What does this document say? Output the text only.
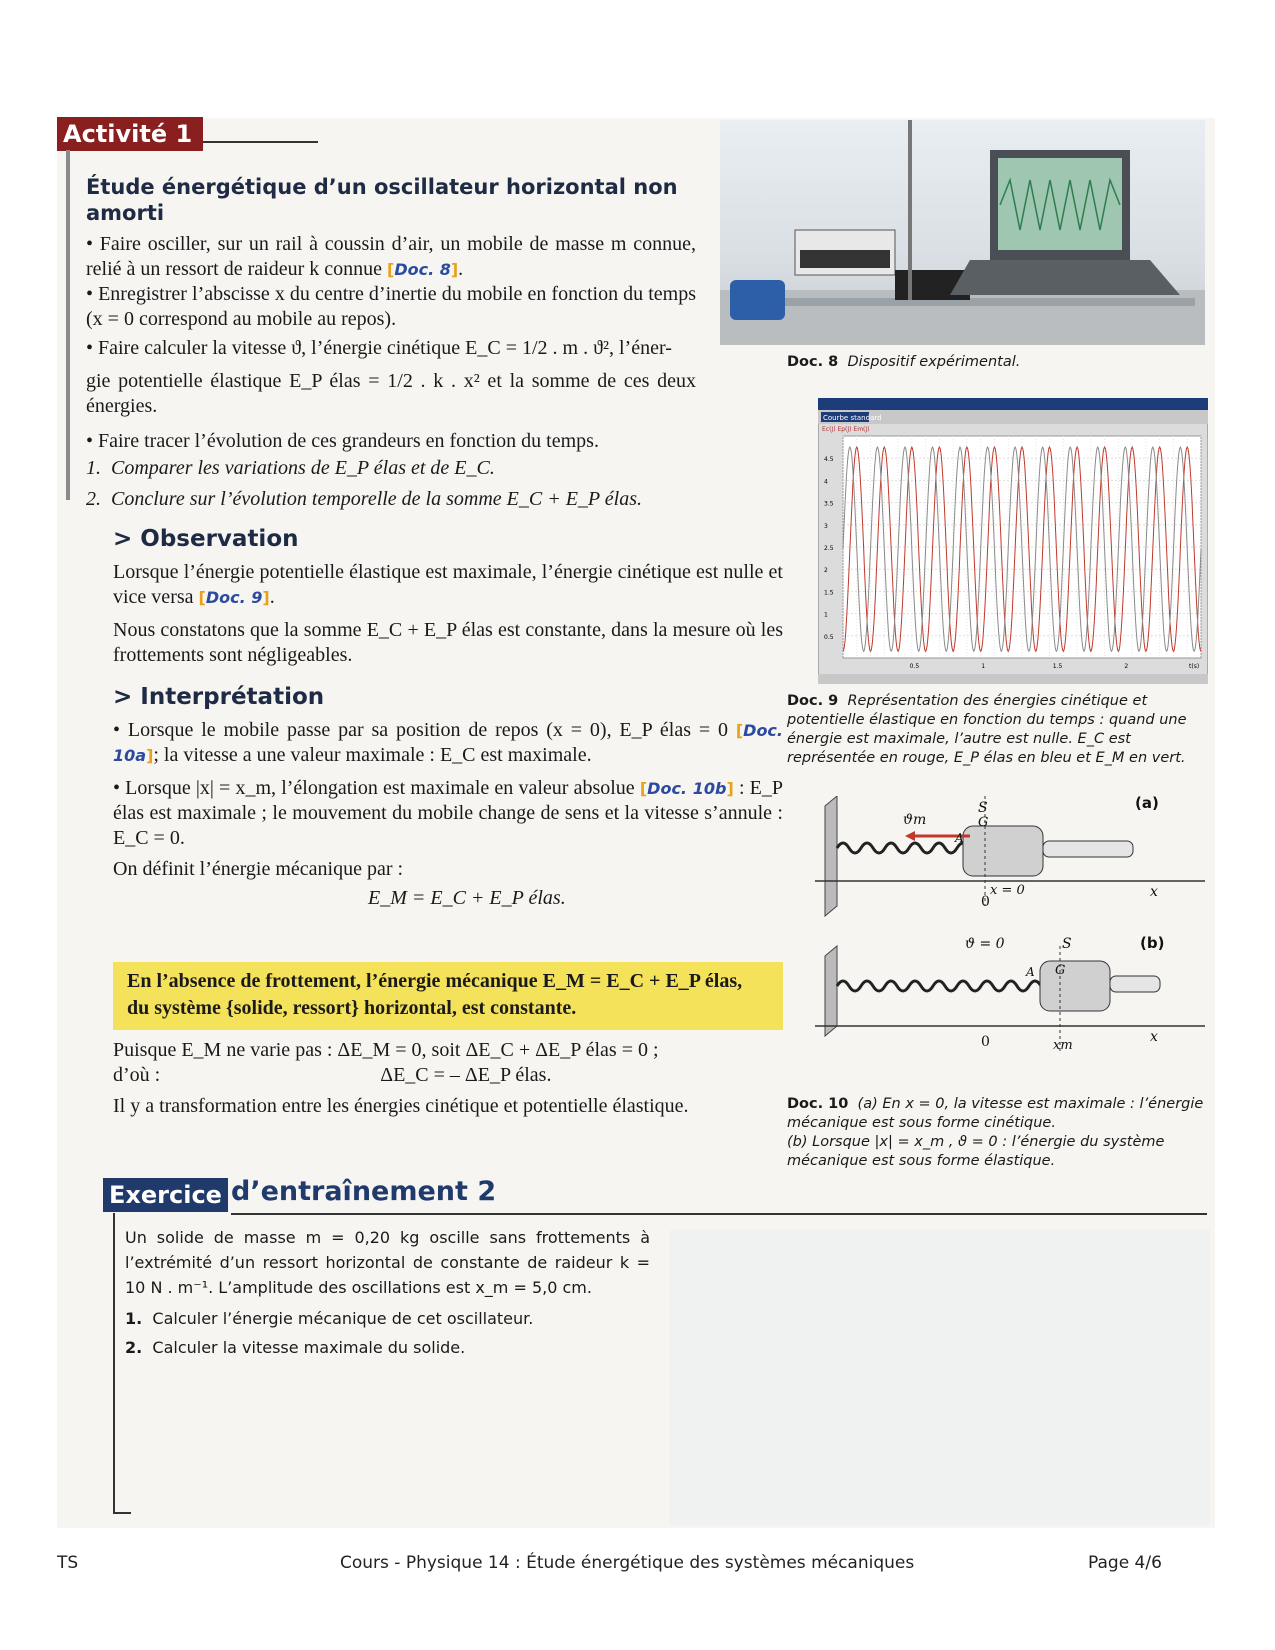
Activité 1
Étude énergétique d’un oscillateur horizontal non amorti
• Faire osciller, sur un rail à coussin d’air, un mobile de masse m connue, relié à un ressort de raideur k connue [Doc. 8].
• Enregistrer l’abscisse x du centre d’inertie du mobile en fonction du temps (x = 0 correspond au mobile au repos).
• Faire calculer la vitesse ϑ, l’énergie cinétique E_C = 1/2 . m . ϑ², l’éner-
gie potentielle élastique E_P élas = 1/2 . k . x² et la somme de ces deux énergies.
• Faire tracer l’évolution de ces grandeurs en fonction du temps.
1. Comparer les variations de E_P élas et de E_C.
2. Conclure sur l’évolution temporelle de la somme E_C + E_P élas.
> Observation
Lorsque l’énergie potentielle élastique est maximale, l’énergie cinétique est nulle et vice versa [Doc. 9].
Nous constatons que la somme E_C + E_P élas est constante, dans la mesure où les frottements sont négligeables.
> Interprétation
• Lorsque le mobile passe par sa position de repos (x = 0), E_P élas = 0 [Doc. 10a]; la vitesse a une valeur maximale : E_C est maximale.
• Lorsque |x| = x_m, l’élongation est maximale en valeur absolue [Doc. 10b] : E_P élas est maximale ; le mouvement du mobile change de sens et la vitesse s’annule : E_C = 0.
On définit l’énergie mécanique par :
E_M = E_C + E_P élas.
En l’absence de frottement, l’énergie mécanique E_M = E_C + E_P élas, du système {solide, ressort} horizontal, est constante.
Puisque E_M ne varie pas : ΔE_M = 0, soit ΔE_C + ΔE_P élas = 0 ;
d’où :	ΔE_C = – ΔE_P élas.
Il y a transformation entre les énergies cinétique et potentielle élastique.
Doc. 8 Dispositif expérimental.
Courbe standard
Ec(J) Ep(J) Em(J)
0.5
1
1.5
2
2.5
3
3.5
4
4.5
0.5	1	1.5	2	t(s)
Doc. 9 Représentation des énergies cinétique et potentielle élastique en fonction du temps : quand une énergie est maximale, l’autre est nulle. E_C est représentée en rouge, E_P élas en bleu et E_M en vert.
ϑm
S
G
A
(a)
x = 0
0
x
ϑ = 0	S
G
A
(b)
0	xm
x
Doc. 10 (a) En x = 0, la vitesse est maximale : l’énergie mécanique est sous forme cinétique.
(b) Lorsque |x| = x_m , ϑ = 0 : l’énergie du système mécanique est sous forme élastique.
Exercice d’entraînement 2
Un solide de masse m = 0,20 kg oscille sans frottements à l’extrémité d’un ressort horizontal de constante de raideur k = 10 N . m⁻¹. L’amplitude des oscillations est x_m = 5,0 cm.
1. Calculer l’énergie mécanique de cet oscillateur.
2. Calculer la vitesse maximale du solide.
TS	Cours - Physique 14 : Étude énergétique des systèmes mécaniques	Page 4/6
